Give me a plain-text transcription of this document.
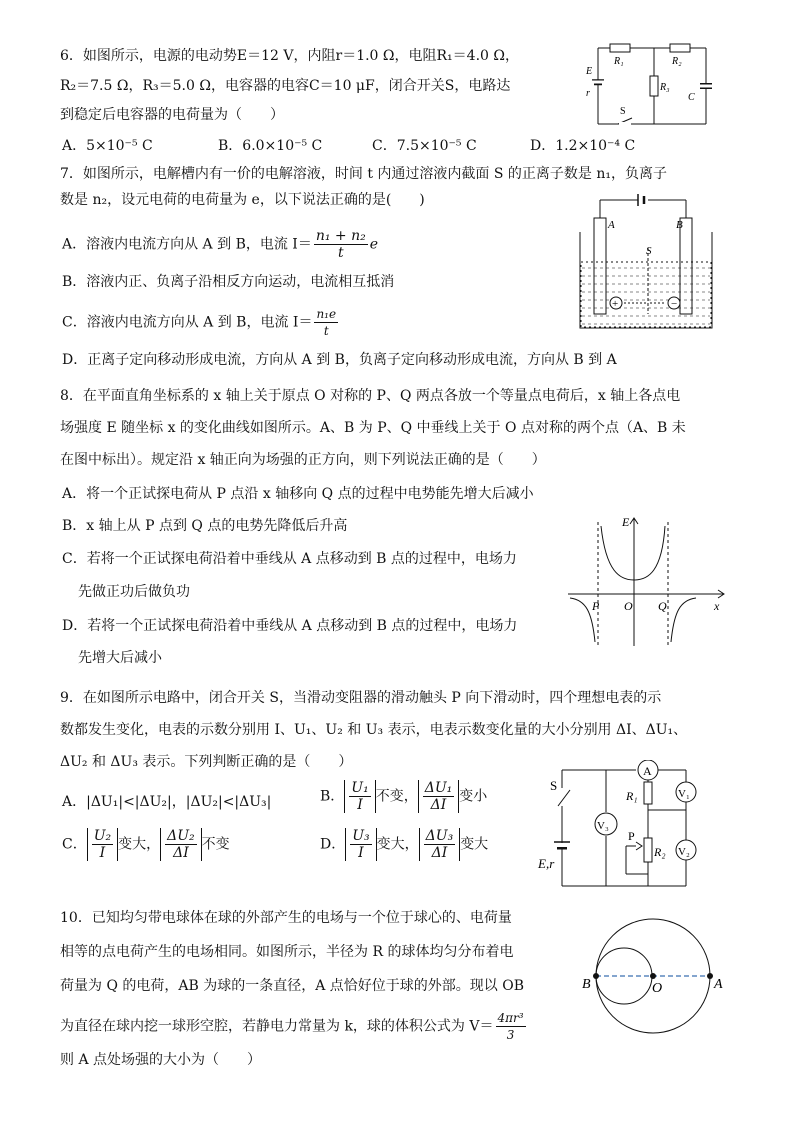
6．如图所示，电源的电动势E＝12 V，内阻r＝1.0 Ω，电阻R₁＝4.0 Ω，
R₂＝7.5 Ω，R₃＝5.0 Ω，电容器的电容C＝10 μF，闭合开关S，电路达
到稳定后电容器的电荷量为（　　）
A．5×10⁻⁵ C	B．6.0×10⁻⁵ C	C．7.5×10⁻⁵ C	D．1.2×10⁻⁴ C
R₁	R₂
R₃
C
E
r
S
7．如图所示，电解槽内有一价的电解溶液，时间 t 内通过溶液内截面 S 的正离子数是 n₁，负离子
数是 n₂，设元电荷的电荷量为 e，以下说法正确的是(　　)
A．溶液内电流方向从 A 到 B，电流 $I= \frac{\text{n₁ + n₂}}{t}$ e
B．溶液内正、负离子沿相反方向运动，电流相互抵消
C．溶液内电流方向从 A 到 B，电流 $I= \frac{\text{n₁e}}{t}$
D．正离子定向移动形成电流，方向从 A 到 B，负离子定向移动形成电流，方向从 B 到 A
+	−
A	B
S
8．在平面直角坐标系的 x 轴上关于原点 O 对称的 P、Q 两点各放一个等量点电荷后，x 轴上各点电
场强度 E 随坐标 x 的变化曲线如图所示。A、B 为 P、Q 中垂线上关于 O 点对称的两个点（A、B 未
在图中标出）。规定沿 x 轴正向为场强的正方向，则下列说法正确的是（　　）
A．将一个正试探电荷从 P 点沿 x 轴移向 Q 点的过程中电势能先增大后减小
B．x 轴上从 P 点到 Q 点的电势先降低后升高
C．若将一个正试探电荷沿着中垂线从 A 点移动到 B 点的过程中，电场力
先做正功后做负功
D．若将一个正试探电荷沿着中垂线从 A 点移动到 B 点的过程中，电场力
先增大后减小
E
P O Q	x
9．在如图所示电路中，闭合开关 S，当滑动变阻器的滑动触头 P 向下滑动时，四个理想电表的示
数都发生变化，电表的示数分别用 I、U₁、U₂ 和 U₃ 表示，电表示数变化量的大小分别用 ΔI、ΔU₁、
ΔU₂ 和 ΔU₃ 表示。下列判断正确的是（　　）
A．|ΔU₁|<|ΔU₂|，|ΔU₂|<|ΔU₃|	B． $\frac{\text{U₁}}{I}$ 不变， $\frac{\text{ΔU₁}}{\Delta I}$ 变小
C． $\frac{\text{U₂}}{I}$ 变大， $\frac{\text{ΔU₂}}{\Delta I}$ 不变	D． $\frac{\text{U₃}}{I}$ 变大， $\frac{\text{ΔU₃}}{\Delta I}$ 变大
A
V₁
V₂
V₃
R₁
R₂
P
S
E,r
10．已知均匀带电球体在球的外部产生的电场与一个位于球心的、电荷量
相等的点电荷产生的电场相同。如图所示，半径为 R 的球体均匀分布着电
荷量为 Q 的电荷，AB 为球的一条直径，A 点恰好位于球的外部。现以 OB
为直径在球内挖一球形空腔，若静电力常量为 k，球的体积公式为 $V= \frac{\text{4πr³}}{3}$
则 A 点处场强的大小为（　　）
B	O	A
